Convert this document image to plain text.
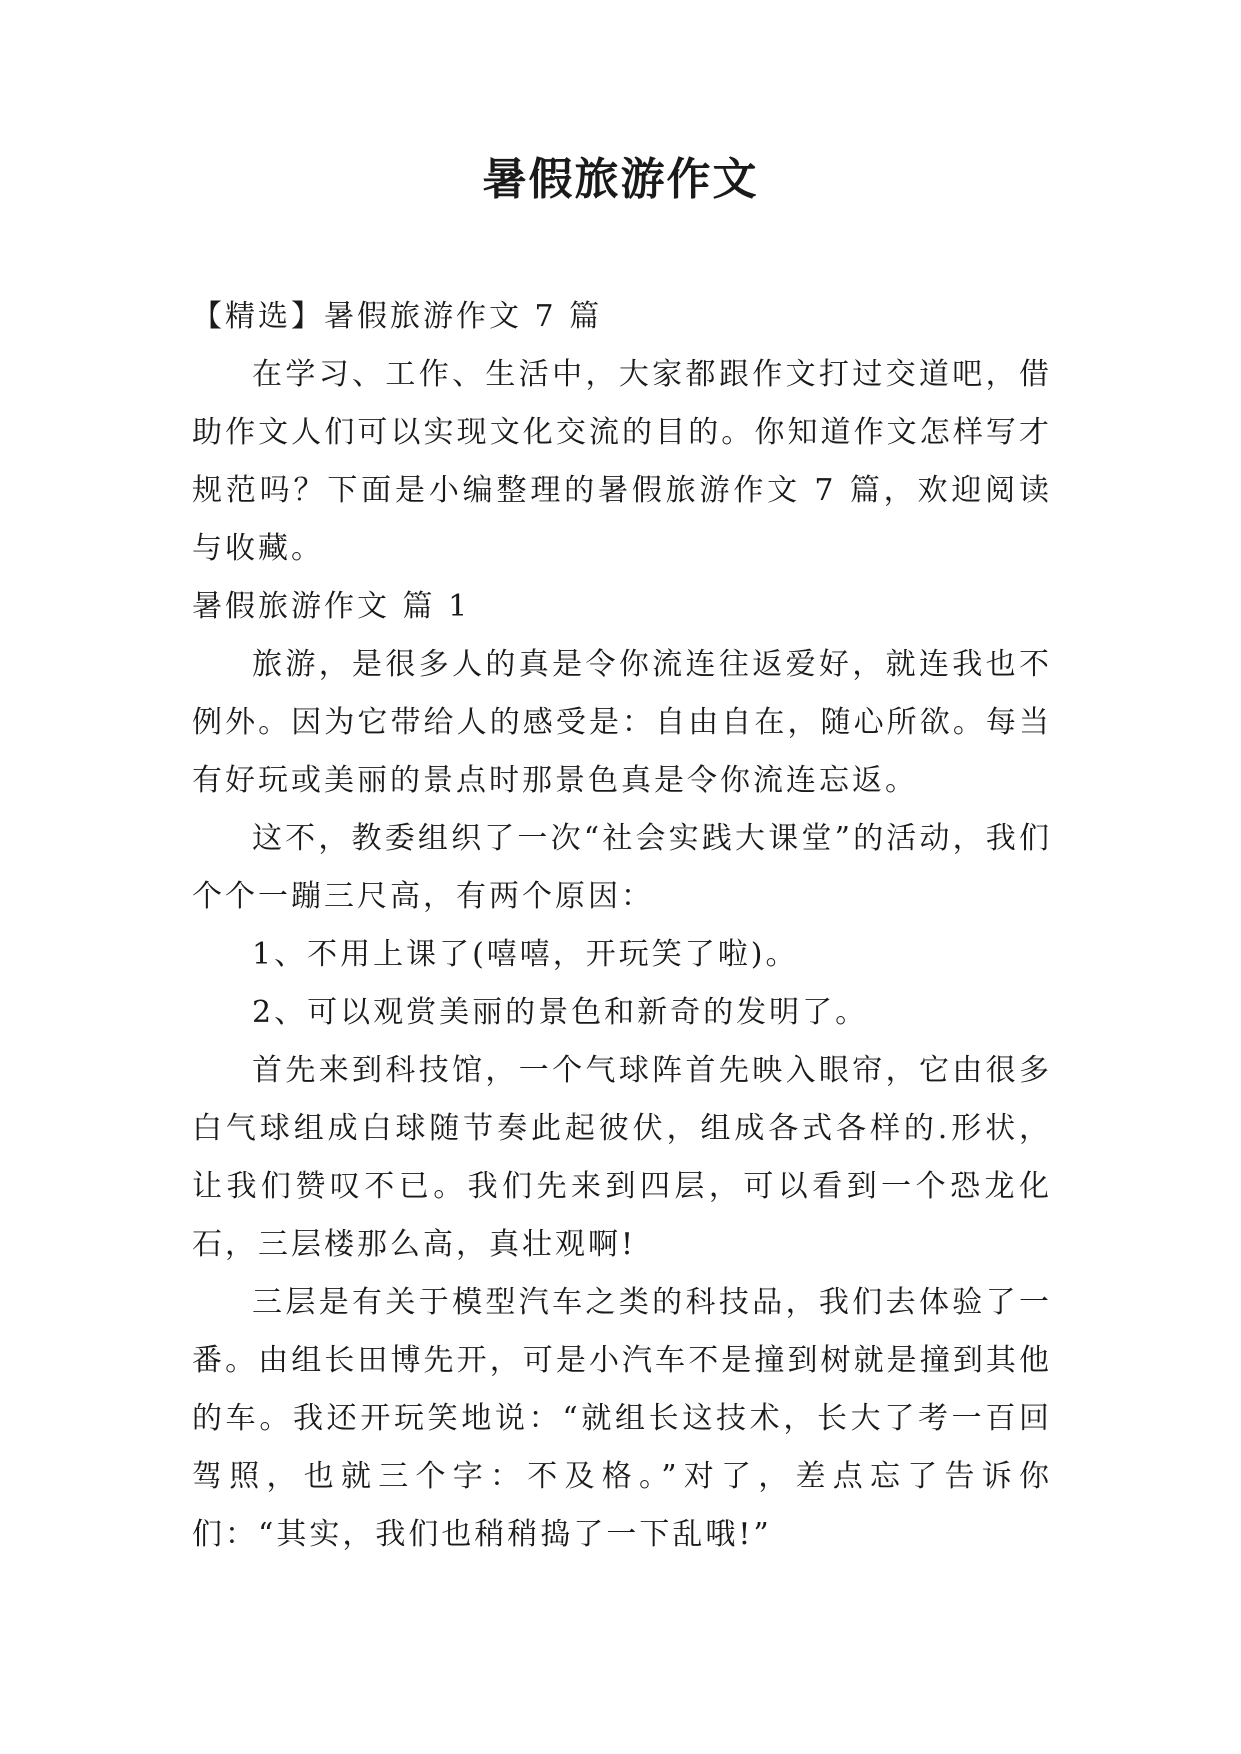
暑假旅游作文

【精选】暑假旅游作文 7 篇

在学习、工作、生活中，大家都跟作文打过交道吧，借助作文人们可以实现文化交流的目的。你知道作文怎样写才规范吗？下面是小编整理的暑假旅游作文 7 篇，欢迎阅读与收藏。

暑假旅游作文 篇 1

旅游，是很多人的真是令你流连往返爱好，就连我也不例外。因为它带给人的感受是：自由自在，随心所欲。每当有好玩或美丽的景点时那景色真是令你流连忘返。

这不，教委组织了一次“社会实践大课堂”的活动，我们个个一蹦三尺高，有两个原因：

1、不用上课了(嘻嘻，开玩笑了啦)。

2、可以观赏美丽的景色和新奇的发明了。

首先来到科技馆，一个气球阵首先映入眼帘，它由很多白气球组成白球随节奏此起彼伏，组成各式各样的.形状，让我们赞叹不已。我们先来到四层，可以看到一个恐龙化石，三层楼那么高，真壮观啊!

三层是有关于模型汽车之类的科技品，我们去体验了一番。由组长田博先开，可是小汽车不是撞到树就是撞到其他的车。我还开玩笑地说：“就组长这技术，长大了考一百回驾照，也就三个字：不及格。”对了，差点忘了告诉你们：“其实，我们也稍稍捣了一下乱哦!”
